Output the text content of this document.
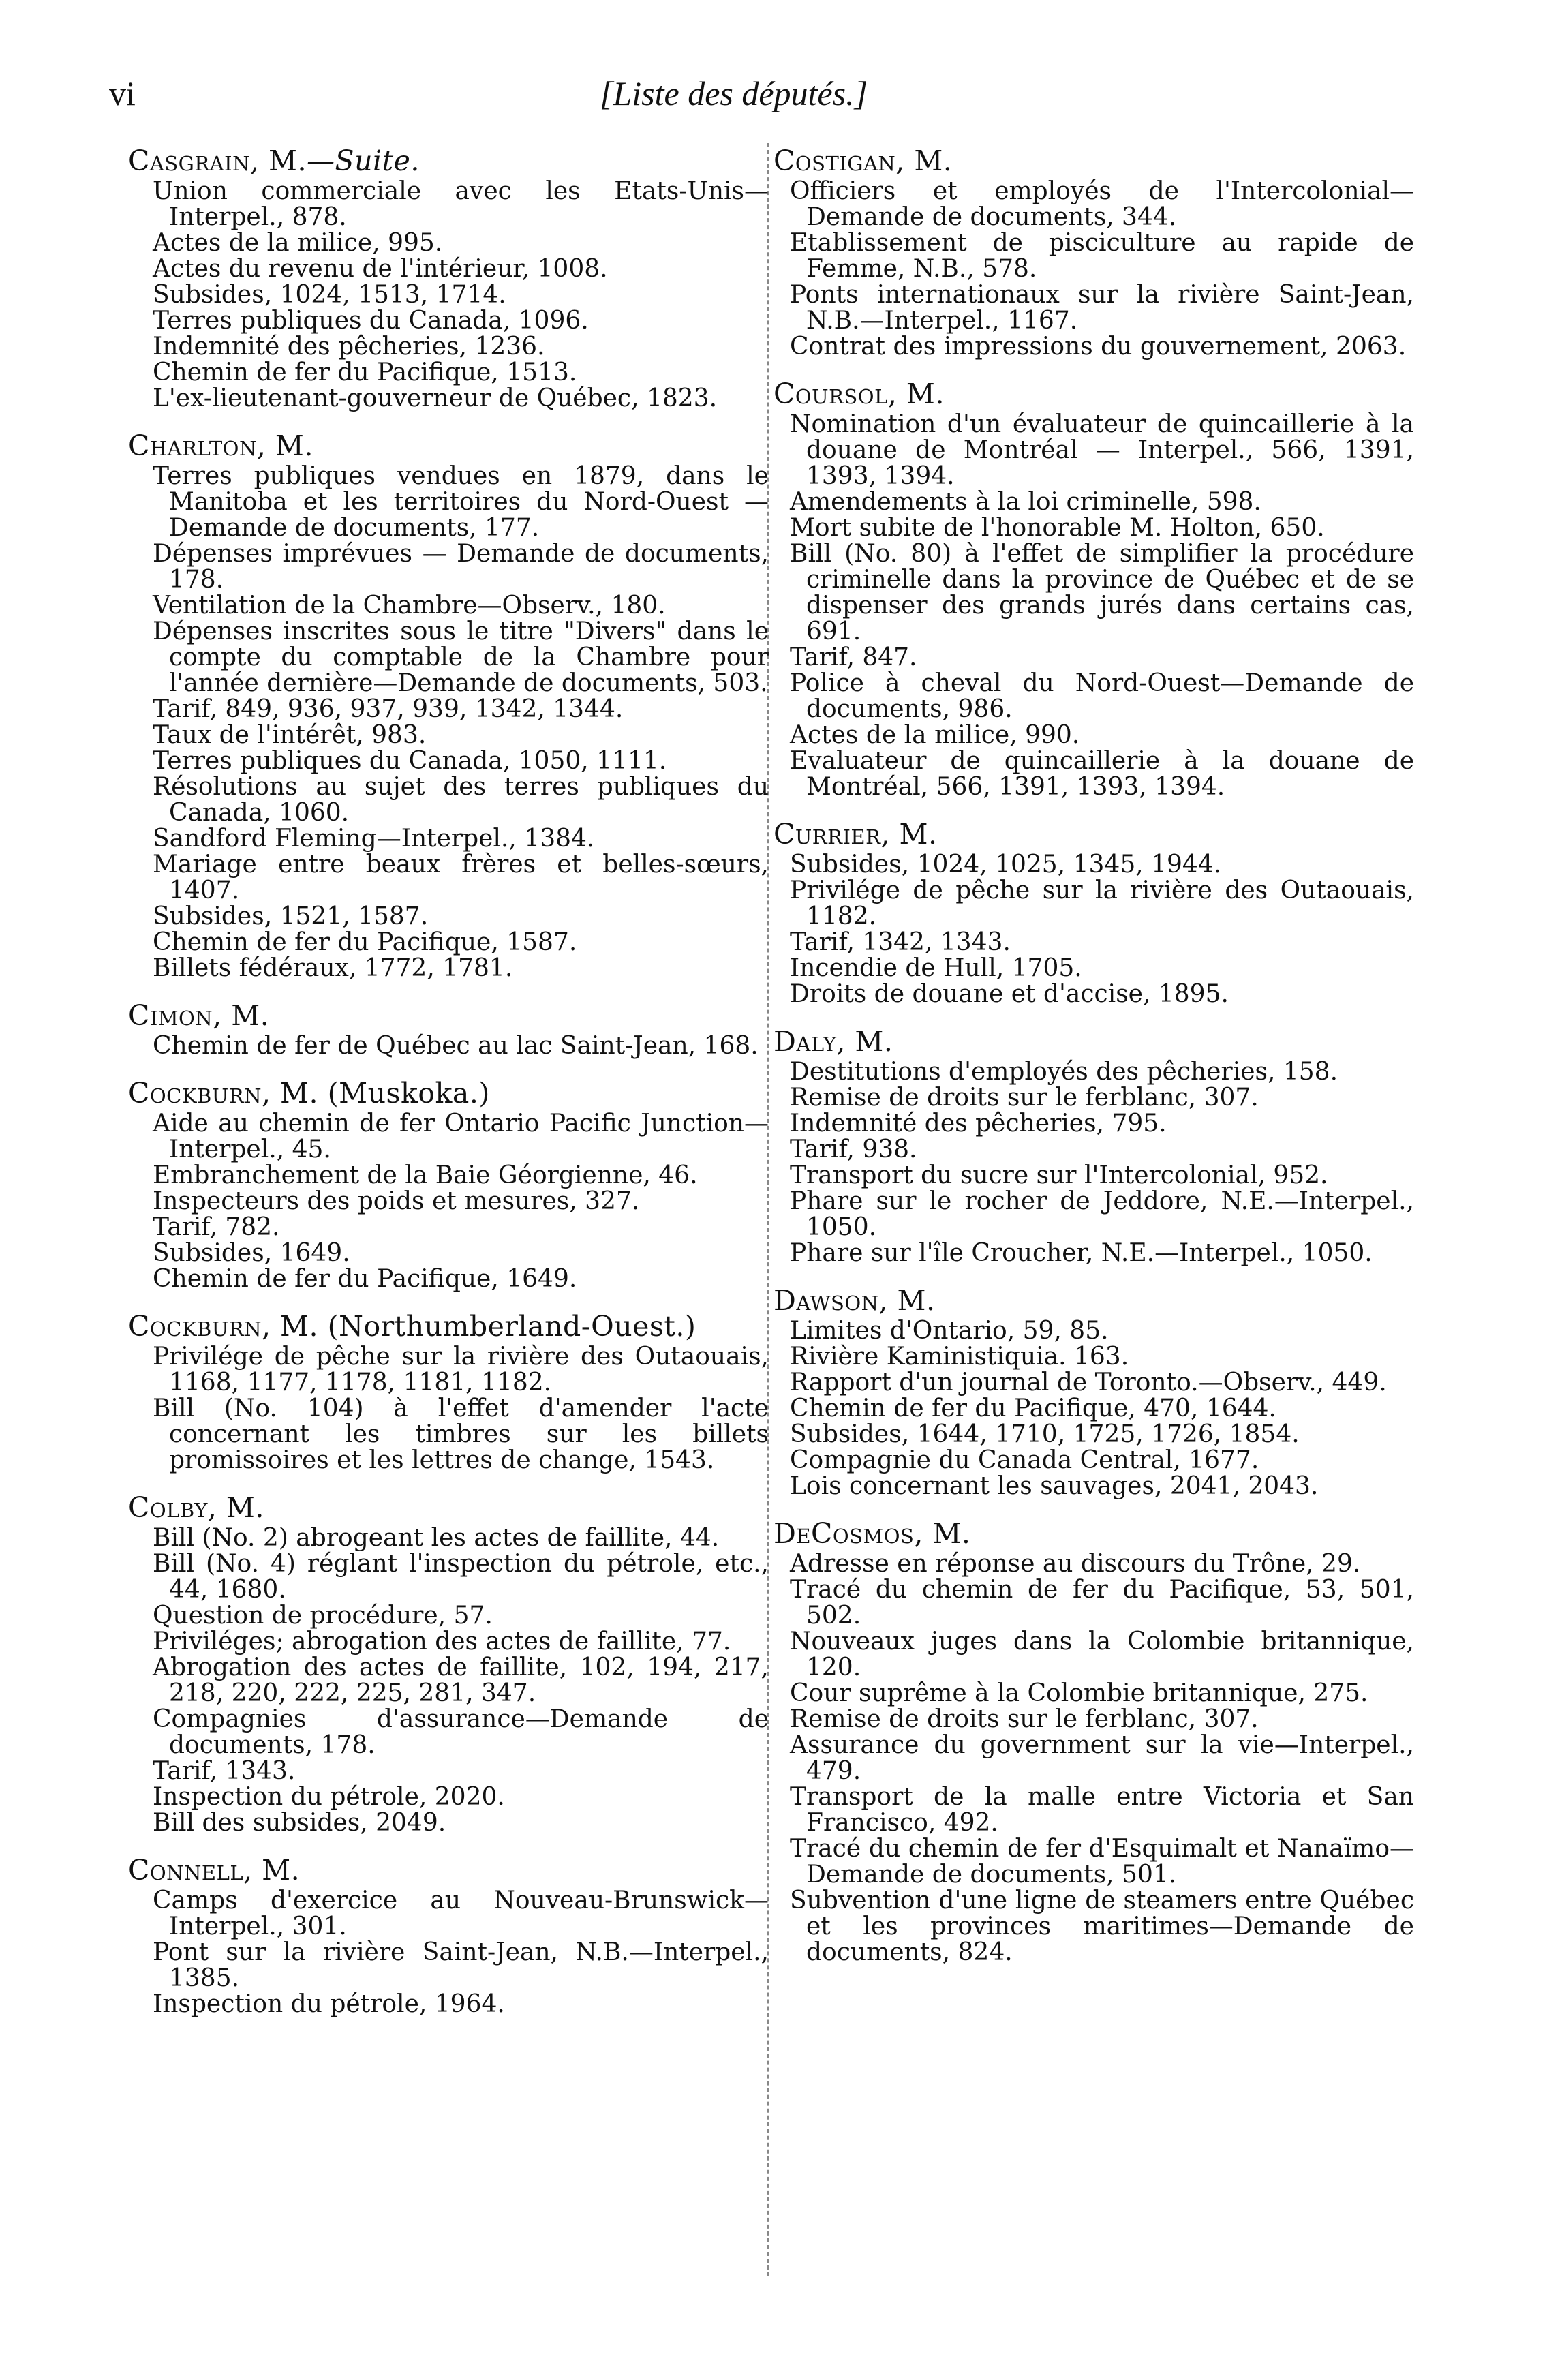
vi	[Liste des députés.]
Casgrain, M.—Suite.
Union commerciale avec les Etats-Unis—Interpel., 878.
Actes de la milice, 995.
Actes du revenu de l'intérieur, 1008.
Subsides, 1024, 1513, 1714.
Terres publiques du Canada, 1096.
Indemnité des pêcheries, 1236.
Chemin de fer du Pacifique, 1513.
L'ex-lieutenant-gouverneur de Québec, 1823.
Charlton, M.
Terres publiques vendues en 1879, dans le Manitoba et les territoires du Nord-Ouest —Demande de documents, 177.
Dépenses imprévues — Demande de documents, 178.
Ventilation de la Chambre—Observ., 180.
Dépenses inscrites sous le titre "Divers" dans le compte du comptable de la Chambre pour l'année dernière—Demande de documents, 503.
Tarif, 849, 936, 937, 939, 1342, 1344.
Taux de l'intérêt, 983.
Terres publiques du Canada, 1050, 1111.
Résolutions au sujet des terres publiques du Canada, 1060.
Sandford Fleming—Interpel., 1384.
Mariage entre beaux frères et belles-sœurs, 1407.
Subsides, 1521, 1587.
Chemin de fer du Pacifique, 1587.
Billets fédéraux, 1772, 1781.
Cimon, M.
Chemin de fer de Québec au lac Saint-Jean, 168.
Cockburn, M. (Muskoka.)
Aide au chemin de fer Ontario Pacific Junction—Interpel., 45.
Embranchement de la Baie Géorgienne, 46.
Inspecteurs des poids et mesures, 327.
Tarif, 782.
Subsides, 1649.
Chemin de fer du Pacifique, 1649.
Cockburn, M. (Northumberland-Ouest.)
Privilége de pêche sur la rivière des Outaouais, 1168, 1177, 1178, 1181, 1182.
Bill (No. 104) à l'effet d'amender l'acte concernant les timbres sur les billets promissoires et les lettres de change, 1543.
Colby, M.
Bill (No. 2) abrogeant les actes de faillite, 44.
Bill (No. 4) réglant l'inspection du pétrole, etc., 44, 1680.
Question de procédure, 57.
Priviléges; abrogation des actes de faillite, 77.
Abrogation des actes de faillite, 102, 194, 217, 218, 220, 222, 225, 281, 347.
Compagnies d'assurance—Demande de documents, 178.
Tarif, 1343.
Inspection du pétrole, 2020.
Bill des subsides, 2049.
Connell, M.
Camps d'exercice au Nouveau-Brunswick—Interpel., 301.
Pont sur la rivière Saint-Jean, N.B.—Interpel., 1385.
Inspection du pétrole, 1964.
Costigan, M.
Officiers et employés de l'Intercolonial—Demande de documents, 344.
Etablissement de pisciculture au rapide de Femme, N.B., 578.
Ponts internationaux sur la rivière Saint-Jean, N.B.—Interpel., 1167.
Contrat des impressions du gouvernement, 2063.
Coursol, M.
Nomination d'un évaluateur de quincaillerie à la douane de Montréal — Interpel., 566, 1391, 1393, 1394.
Amendements à la loi criminelle, 598.
Mort subite de l'honorable M. Holton, 650.
Bill (No. 80) à l'effet de simplifier la procédure criminelle dans la province de Québec et de se dispenser des grands jurés dans certains cas, 691.
Tarif, 847.
Police à cheval du Nord-Ouest—Demande de documents, 986.
Actes de la milice, 990.
Evaluateur de quincaillerie à la douane de Montréal, 566, 1391, 1393, 1394.
Currier, M.
Subsides, 1024, 1025, 1345, 1944.
Privilége de pêche sur la rivière des Outaouais, 1182.
Tarif, 1342, 1343.
Incendie de Hull, 1705.
Droits de douane et d'accise, 1895.
Daly, M.
Destitutions d'employés des pêcheries, 158.
Remise de droits sur le ferblanc, 307.
Indemnité des pêcheries, 795.
Tarif, 938.
Transport du sucre sur l'Intercolonial, 952.
Phare sur le rocher de Jeddore, N.E.—Interpel., 1050.
Phare sur l'île Croucher, N.E.—Interpel., 1050.
Dawson, M.
Limites d'Ontario, 59, 85.
Rivière Kaministiquia. 163.
Rapport d'un journal de Toronto.—Observ., 449.
Chemin de fer du Pacifique, 470, 1644.
Subsides, 1644, 1710, 1725, 1726, 1854.
Compagnie du Canada Central, 1677.
Lois concernant les sauvages, 2041, 2043.
DeCosmos, M.
Adresse en réponse au discours du Trône, 29.
Tracé du chemin de fer du Pacifique, 53, 501, 502.
Nouveaux juges dans la Colombie britannique, 120.
Cour suprême à la Colombie britannique, 275.
Remise de droits sur le ferblanc, 307.
Assurance du government sur la vie—Interpel., 479.
Transport de la malle entre Victoria et San Francisco, 492.
Tracé du chemin de fer d'Esquimalt et Nanaïmo—Demande de documents, 501.
Subvention d'une ligne de steamers entre Québec et les provinces maritimes—Demande de documents, 824.
